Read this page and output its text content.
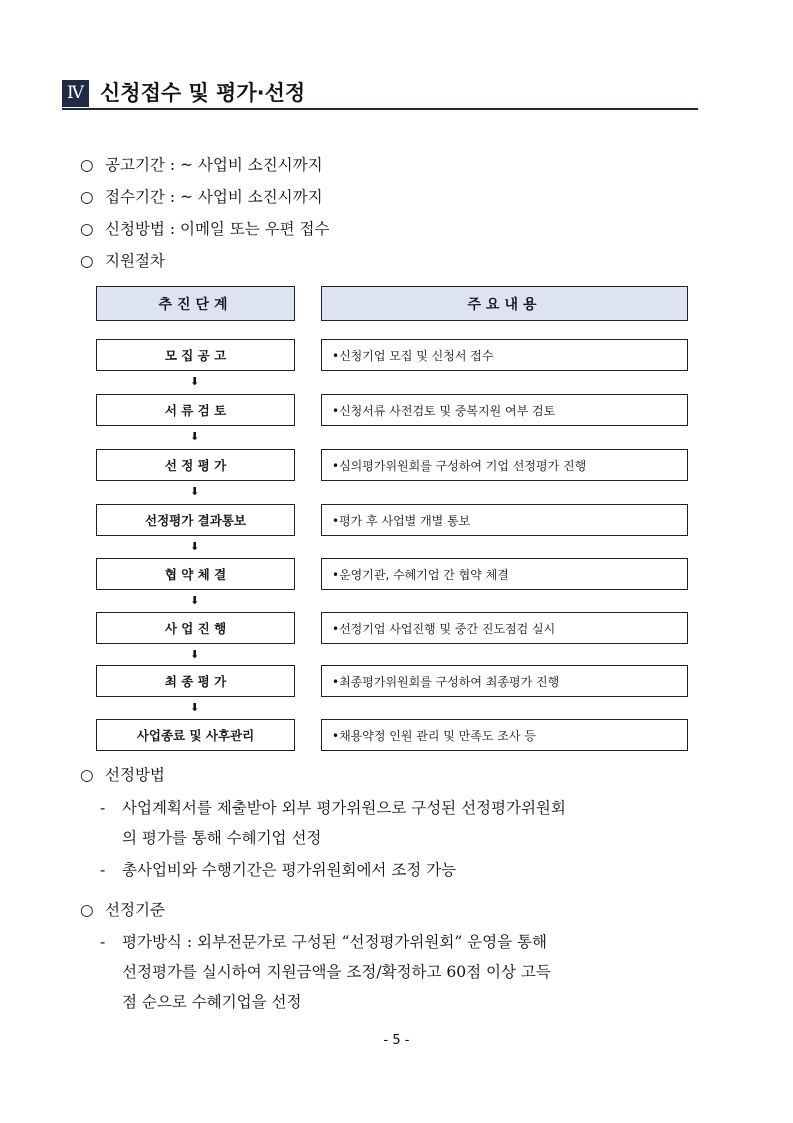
Ⅳ 신청접수 및 평가·선정
○ 공고기간 : ~ 사업비 소진시까지
○ 접수기간 : ~ 사업비 소진시까지
○ 신청방법 : 이메일 또는 우편 접수
○ 지원절차
추진단계	주요내용
모 집 공 고	•신청기업 모집 및 신청서 접수
⬇
서 류 검 토	•신청서류 사전검토 및 중복지원 여부 검토
⬇
선 정 평 가	•심의평가위원회를 구성하여 기업 선정평가 진행
⬇
선정평가 결과통보	•평가 후 사업별 개별 통보
⬇
협 약 체 결	•운영기관, 수혜기업 간 협약 체결
⬇
사 업 진 행	•선정기업 사업진행 및 중간 진도점검 실시
⬇
최 종 평 가	•최종평가위원회를 구성하여 최종평가 진행
⬇
사업종료 및 사후관리	•채용약정 인원 관리 및 만족도 조사 등
○ 선정방법
- 사업계획서를 제출받아 외부 평가위원으로 구성된 선정평가위원회
의 평가를 통해 수혜기업 선정
- 총사업비와 수행기간은 평가위원회에서 조정 가능
○ 선정기준
- 평가방식 : 외부전문가로 구성된 “선정평가위원회” 운영을 통해
선정평가를 실시하여 지원금액을 조정/확정하고 60점 이상 고득
점 순으로 수혜기업을 선정
- 5 -
